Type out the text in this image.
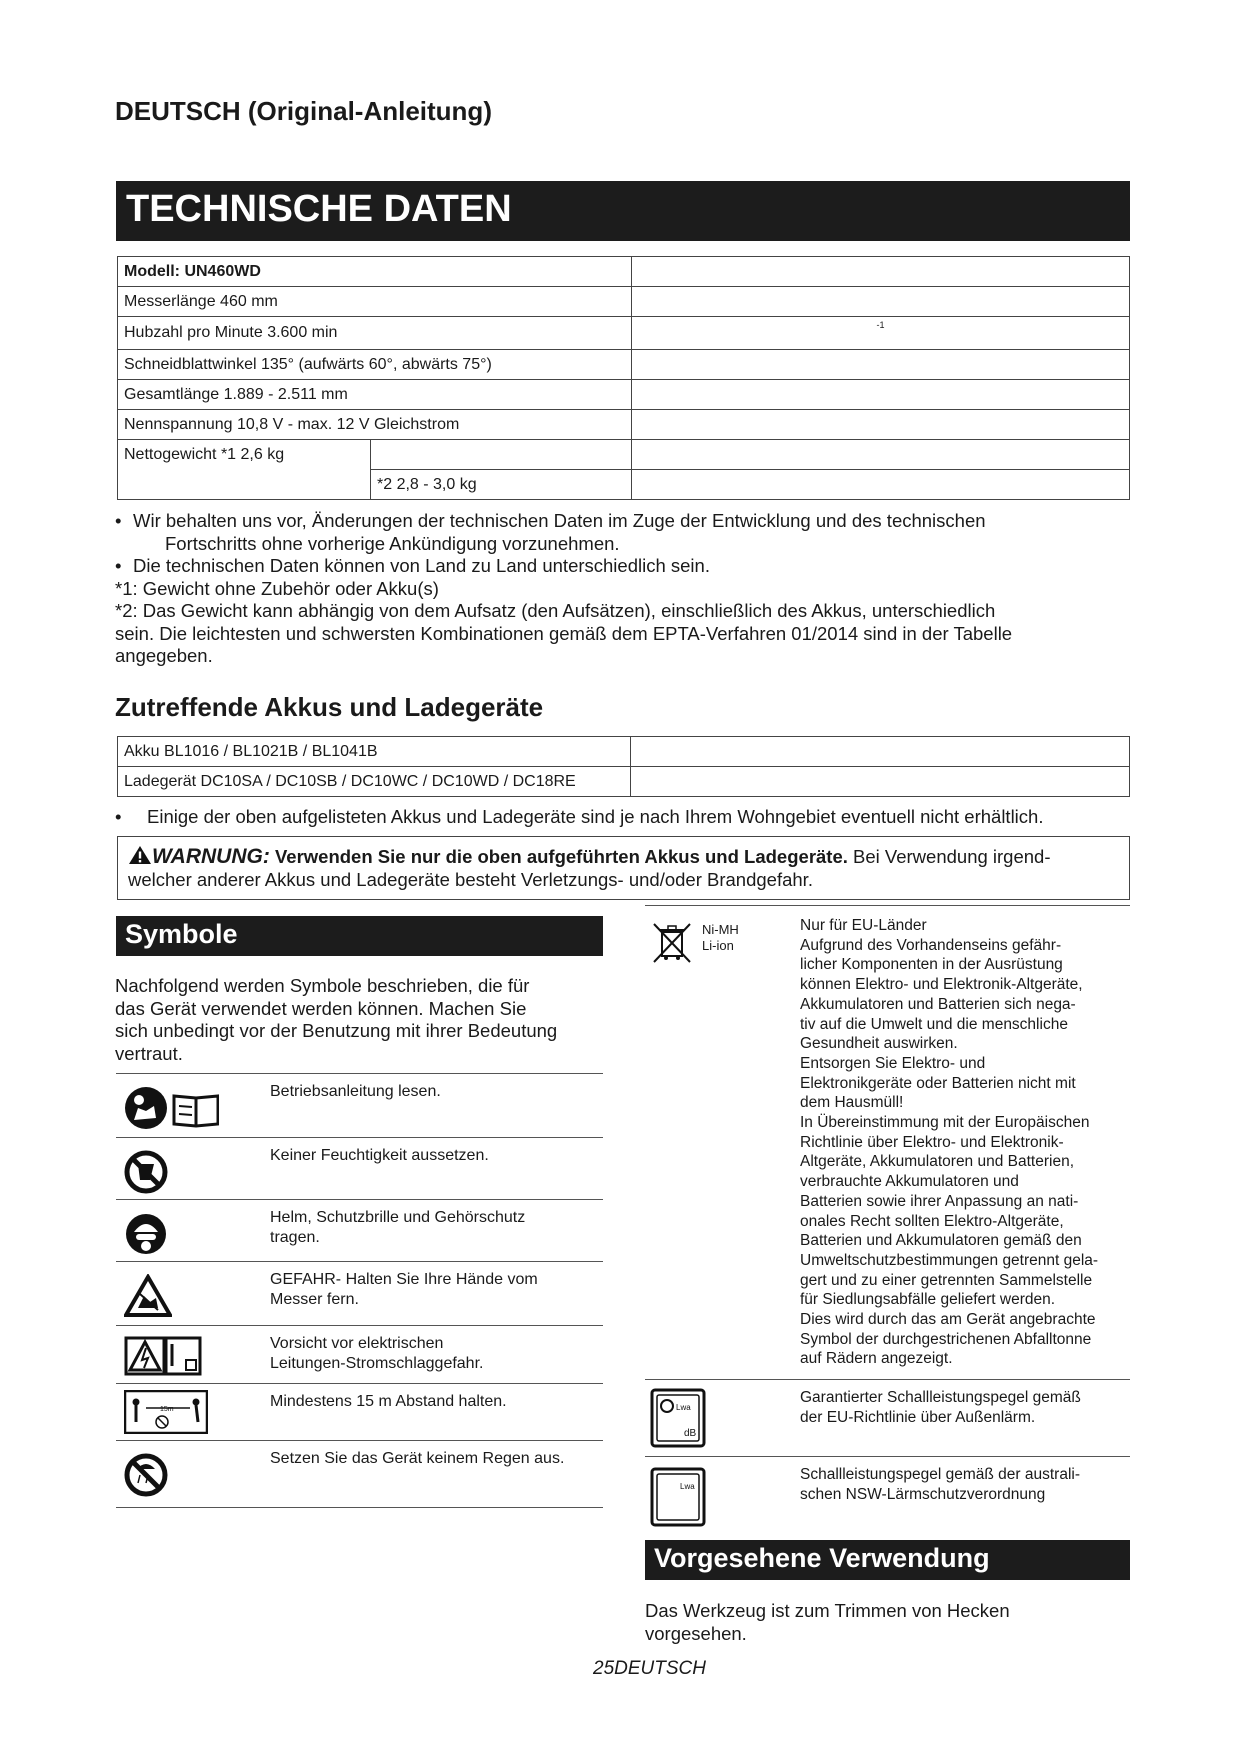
DEUTSCH (Original-Anleitung)
TECHNISCHE DATEN
Modell: UN460WD		
Messerlänge 460 mm		
Hubzahl pro Minute 3.600 min		-1
Schneidblattwinkel 135° (aufwärts 60°, abwärts 75°)		
Gesamtlänge 1.889 - 2.511 mm		
Nennspannung 10,8 V - max. 12 V Gleichstrom		
Nettogewicht *1 2,6 kg		
	*2 2,8 - 3,0 kg	
• Wir behalten uns vor, Änderungen der technischen Daten im Zuge der Entwicklung und des technischen
Fortschritts ohne vorherige Ankündigung vorzunehmen.
• Die technischen Daten können von Land zu Land unterschiedlich sein.
*1: Gewicht ohne Zubehör oder Akku(s)
*2: Das Gewicht kann abhängig von dem Aufsatz (den Aufsätzen), einschließlich des Akkus, unterschiedlich
sein. Die leichtesten und schwersten Kombinationen gemäß dem EPTA-Verfahren 01/2014 sind in der Tabelle
angegeben.
Zutreffende Akkus und Ladegeräte
Akku BL1016 / BL1021B / BL1041B	
Ladegerät DC10SA / DC10SB / DC10WC / DC10WD / DC18RE	
• Einige der oben aufgelisteten Akkus und Ladegeräte sind je nach Ihrem Wohngebiet eventuell nicht erhältlich.
WARNUNG: Verwenden Sie nur die oben aufgeführten Akkus und Ladegeräte. Bei Verwendung irgend-
welcher anderer Akkus und Ladegeräte besteht Verletzungs- und/oder Brandgefahr.
Symbole
Nachfolgend werden Symbole beschrieben, die für
das Gerät verwendet werden können. Machen Sie
sich unbedingt vor der Benutzung mit ihrer Bedeutung
vertraut.
Betriebsanleitung lesen.
Keiner Feuchtigkeit aussetzen.
Helm, Schutzbrille und Gehörschutz
tragen.
GEFAHR- Halten Sie Ihre Hände vom
Messer fern.
Vorsicht vor elektrischen
Leitungen-Stromschlaggefahr.
15m	Mindestens 15 m Abstand halten.
Setzen Sie das Gerät keinem Regen aus.
Ni-MH
Li-ion
Nur für EU-Länder
Aufgrund des Vorhandenseins gefähr-
licher Komponenten in der Ausrüstung
können Elektro- und Elektronik-Altgeräte,
Akkumulatoren und Batterien sich nega-
tiv auf die Umwelt und die menschliche
Gesundheit auswirken.
Entsorgen Sie Elektro- und
Elektronikgeräte oder Batterien nicht mit
dem Hausmüll!
In Übereinstimmung mit der Europäischen
Richtlinie über Elektro- und Elektronik-
Altgeräte, Akkumulatoren und Batterien,
verbrauchte Akkumulatoren und
Batterien sowie ihrer Anpassung an nati-
onales Recht sollten Elektro-Altgeräte,
Batterien und Akkumulatoren gemäß den
Umweltschutzbestimmungen getrennt gela-
gert und zu einer getrennten Sammelstelle
für Siedlungsabfälle geliefert werden.
Dies wird durch das am Gerät angebrachte
Symbol der durchgestrichenen Abfalltonne
auf Rädern angezeigt.
Lwa
dB
Garantierter Schallleistungspegel gemäß
der EU-Richtlinie über Außenlärm.
Lwa
Schallleistungspegel gemäß der australi-
schen NSW-Lärmschutzverordnung
Vorgesehene Verwendung
Das Werkzeug ist zum Trimmen von Hecken
vorgesehen.
25DEUTSCH
